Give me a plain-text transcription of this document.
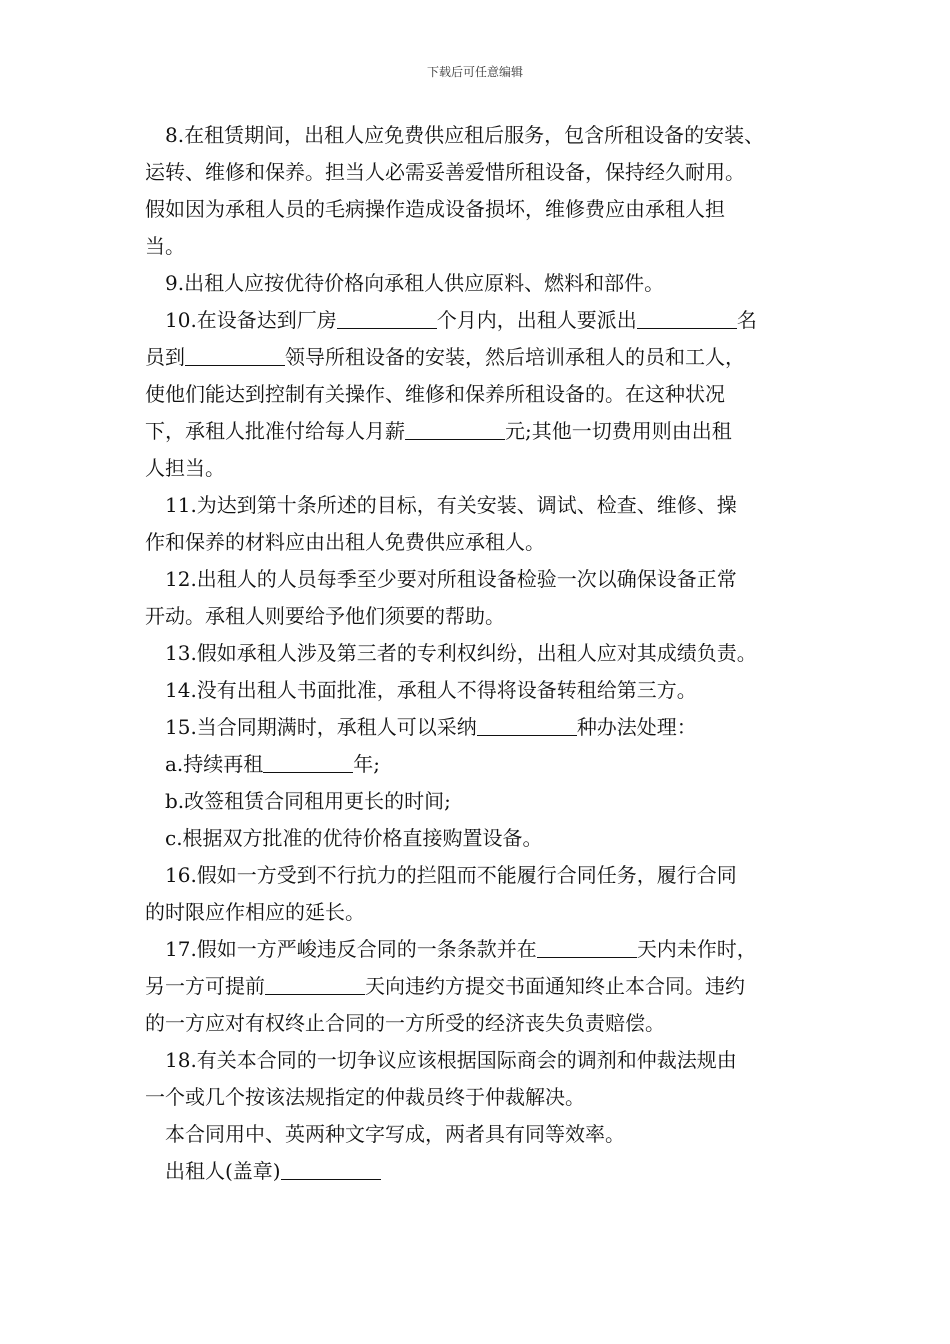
下载后可任意编辑

8.在租赁期间，出租人应免费供应租后服务，包含所租设备的安装、
运转、维修和保养。担当人必需妥善爱惜所租设备，保持经久耐用。
假如因为承租人员的毛病操作造成设备损坏，维修费应由承租人担
当。

9.出租人应按优待价格向承租人供应原料、燃料和部件。

10.在设备达到厂房	个月内，出租人要派出	名
员到	领导所租设备的安装，然后培训承租人的员和工人，
使他们能达到控制有关操作、维修和保养所租设备的。在这种状况
下，承租人批准付给每人月薪	元;其他一切费用则由出租
人担当。

11.为达到第十条所述的目标，有关安装、调试、检查、维修、操
作和保养的材料应由出租人免费供应承租人。

12.出租人的人员每季至少要对所租设备检验一次以确保设备正常
开动。承租人则要给予他们须要的帮助。

13.假如承租人涉及第三者的专利权纠纷，出租人应对其成绩负责。

14.没有出租人书面批准，承租人不得将设备转租给第三方。

15.当合同期满时，承租人可以采纳	种办法处理：

a.持续再租	年;

b.改签租赁合同租用更长的时间;

c.根据双方批准的优待价格直接购置设备。

16.假如一方受到不行抗力的拦阻而不能履行合同任务，履行合同
的时限应作相应的延长。

17.假如一方严峻违反合同的一条条款并在	天内未作时，
另一方可提前	天向违约方提交书面通知终止本合同。违约
的一方应对有权终止合同的一方所受的经济丧失负责赔偿。

18.有关本合同的一切争议应该根据国际商会的调剂和仲裁法规由
一个或几个按该法规指定的仲裁员终于仲裁解决。

本合同用中、英两种文字写成，两者具有同等效率。

出租人(盖章)
